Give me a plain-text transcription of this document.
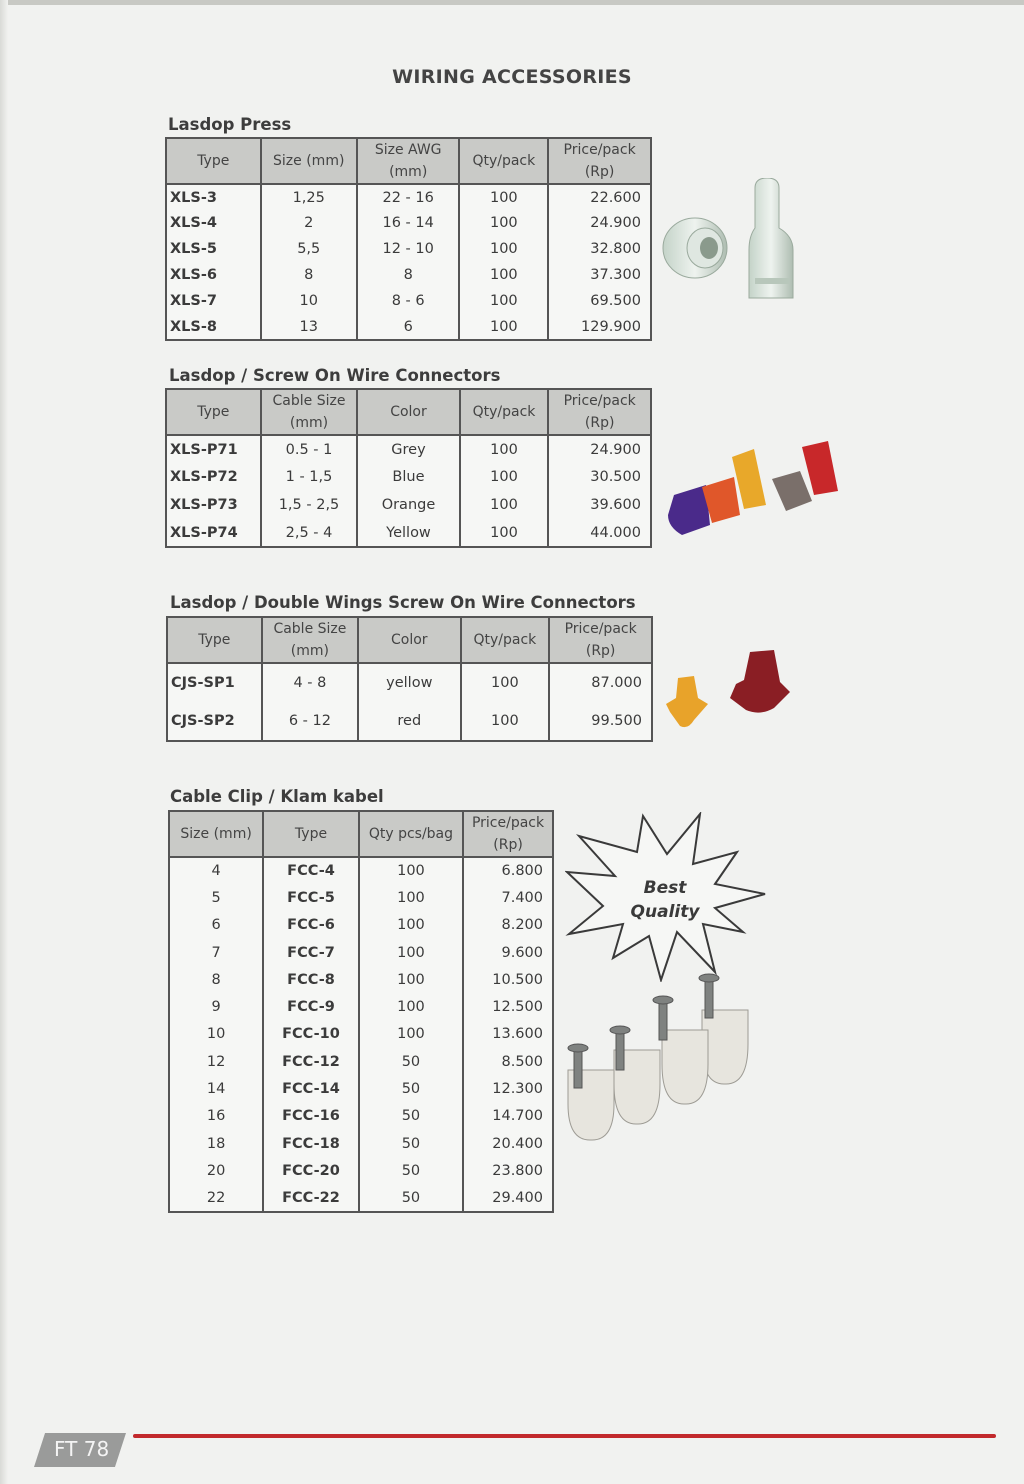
WIRING ACCESSORIES
Lasdop Press
Type	Size (mm)	Size AWG (mm)	Qty/pack	Price/pack (Rp)
XLS-3	1,25	22 - 16	100	22.600
XLS-4	2	16 - 14	100	24.900
XLS-5	5,5	12 - 10	100	32.800
XLS-6	8	8	100	37.300
XLS-7	10	8 - 6	100	69.500
XLS-8	13	6	100	129.900
Lasdop / Screw On Wire Connectors
Type	Cable Size (mm)	Color	Qty/pack	Price/pack (Rp)
XLS-P71	0.5 - 1	Grey	100	24.900
XLS-P72	1 - 1,5	Blue	100	30.500
XLS-P73	1,5 - 2,5	Orange	100	39.600
XLS-P74	2,5 - 4	Yellow	100	44.000
Lasdop / Double Wings Screw On Wire Connectors
Type	Cable Size (mm)	Color	Qty/pack	Price/pack (Rp)
CJS-SP1	4 - 8	yellow	100	87.000
CJS-SP2	6 - 12	red	100	99.500
Cable Clip / Klam kabel
Size (mm)	Type	Qty pcs/bag	Price/pack (Rp)
4	FCC-4	100	6.800
5	FCC-5	100	7.400
6	FCC-6	100	8.200
7	FCC-7	100	9.600
8	FCC-8	100	10.500
9	FCC-9	100	12.500
10	FCC-10	100	13.600
12	FCC-12	50	8.500
14	FCC-14	50	12.300
16	FCC-16	50	14.700
18	FCC-18	50	20.400
20	FCC-20	50	23.800
22	FCC-22	50	29.400
Best
Quality
FT 78
